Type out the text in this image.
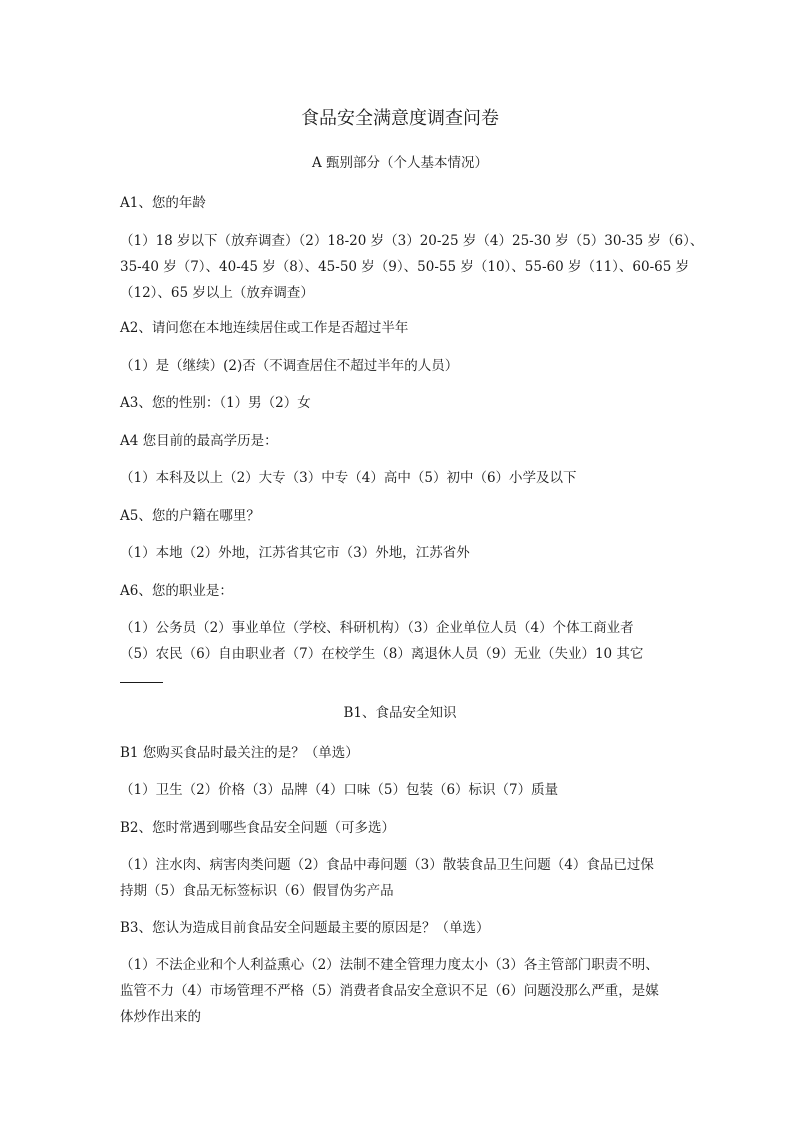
食品安全满意度调查问卷
A 甄别部分（个人基本情况）
A1、您的年龄
（1）18 岁以下（放弃调查）（2）18-20 岁（3）20-25 岁（4）25-30 岁（5）30-35 岁（6）、
35-40 岁（7）、40-45 岁（8）、45-50 岁（9）、50-55 岁（10）、55-60 岁（11）、60-65 岁
（12）、65 岁以上（放弃调查）
A2、请问您在本地连续居住或工作是否超过半年
（1）是（继续）(2)否（不调查居住不超过半年的人员）
A3、您的性别：（1）男（2）女
A4 您目前的最高学历是：
（1）本科及以上（2）大专（3）中专（4）高中（5）初中（6）小学及以下
A5、您的户籍在哪里？
（1）本地（2）外地，江苏省其它市（3）外地，江苏省外
A6、您的职业是：
（1）公务员（2）事业单位（学校、科研机构）（3）企业单位人员（4）个体工商业者
（5）农民（6）自由职业者（7）在校学生（8）离退休人员（9）无业（失业）10 其它
B1、食品安全知识
B1 您购买食品时最关注的是？（单选）
（1）卫生（2）价格（3）品牌（4）口味（5）包装（6）标识（7）质量
B2、您时常遇到哪些食品安全问题（可多选）
（1）注水肉、病害肉类问题（2）食品中毒问题（3）散装食品卫生问题（4）食品已过保
持期（5）食品无标签标识（6）假冒伪劣产品
B3、您认为造成目前食品安全问题最主要的原因是？（单选）
（1）不法企业和个人利益熏心（2）法制不建全管理力度太小（3）各主管部门职责不明、
监管不力（4）市场管理不严格（5）消费者食品安全意识不足（6）问题没那么严重，是媒
体炒作出来的
